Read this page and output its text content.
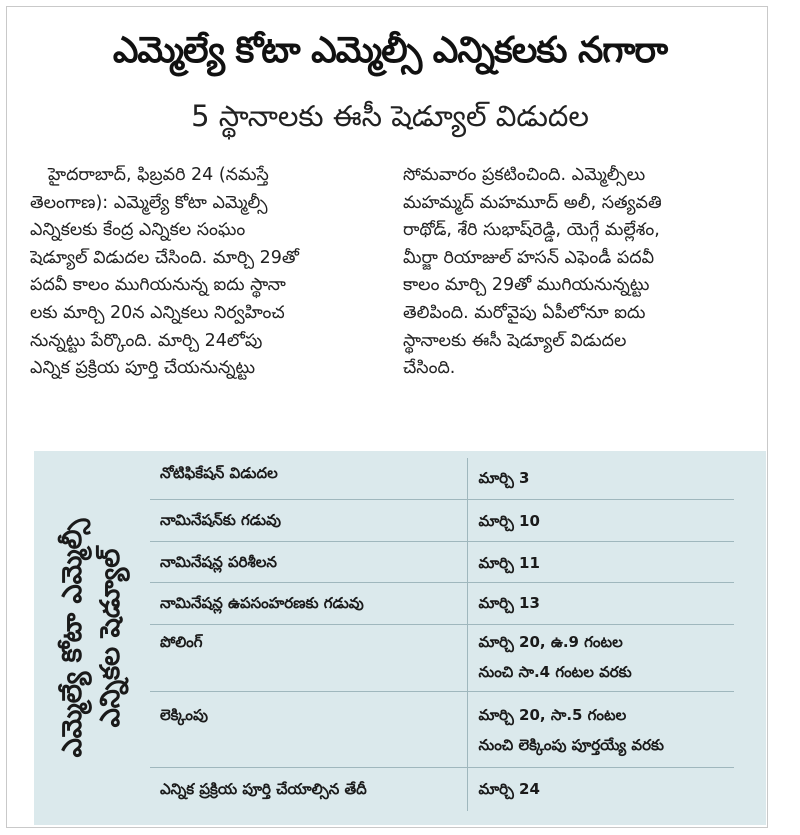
ఎమ్మెల్యే కోటా ఎమ్మెల్సీ ఎన్నికలకు నగారా
5 స్థానాలకు ఈసీ షెడ్యూల్ విడుదల
హైదరాబాద్, ఫిబ్రవరి 24 (నమస్తే
తెలంగాణ): ఎమ్మెల్యే కోటా ఎమ్మెల్సీ
ఎన్నికలకు కేంద్ర ఎన్నికల సంఘం
షెడ్యూల్ విడుదల చేసింది. మార్చి 29తో
పదవీ కాలం ముగియనున్న ఐదు స్థానా
లకు మార్చి 20న ఎన్నికలు నిర్వహించ
నున్నట్టు పేర్కొంది. మార్చి 24లోపు
ఎన్నిక ప్రక్రియ పూర్తి చేయనున్నట్టు
సోమవారం ప్రకటించింది. ఎమ్మెల్సీలు
మహమ్మద్ మహమూద్ అలీ, సత్యవతి
రాథోడ్, శేరి సుభాష్‌రెడ్డి, యెగ్గే మల్లేశం,
మీర్జా రియాజుల్ హసన్ ఎఫెండీ పదవీ
కాలం మార్చి 29తో ముగియనున్నట్టు
తెలిపింది. మరోవైపు ఏపీలోనూ ఐదు
స్థానాలకు ఈసీ షెడ్యూల్ విడుదల
చేసింది.
ఎమ్మెల్యే కోటా ఎమ్మెల్సీ ఎన్నికల షెడ్యూల్
నోటిఫికేషన్ విడుదల	మార్చి 3

నామినేషన్‌కు గడువు	మార్చి 10

నామినేషన్ల పరిశీలన	మార్చి 11

నామినేషన్ల ఉపసంహరణకు గడువు	మార్చి 13

పోలింగ్	మార్చి 20, ఉ.9 గంటల
నుంచి సా.4 గంటల వరకు

లెక్కింపు	మార్చి 20, సా.5 గంటల
నుంచి లెక్కింపు పూర్తయ్యే వరకు

ఎన్నిక ప్రక్రియ పూర్తి చేయాల్సిన తేదీ	మార్చి 24
